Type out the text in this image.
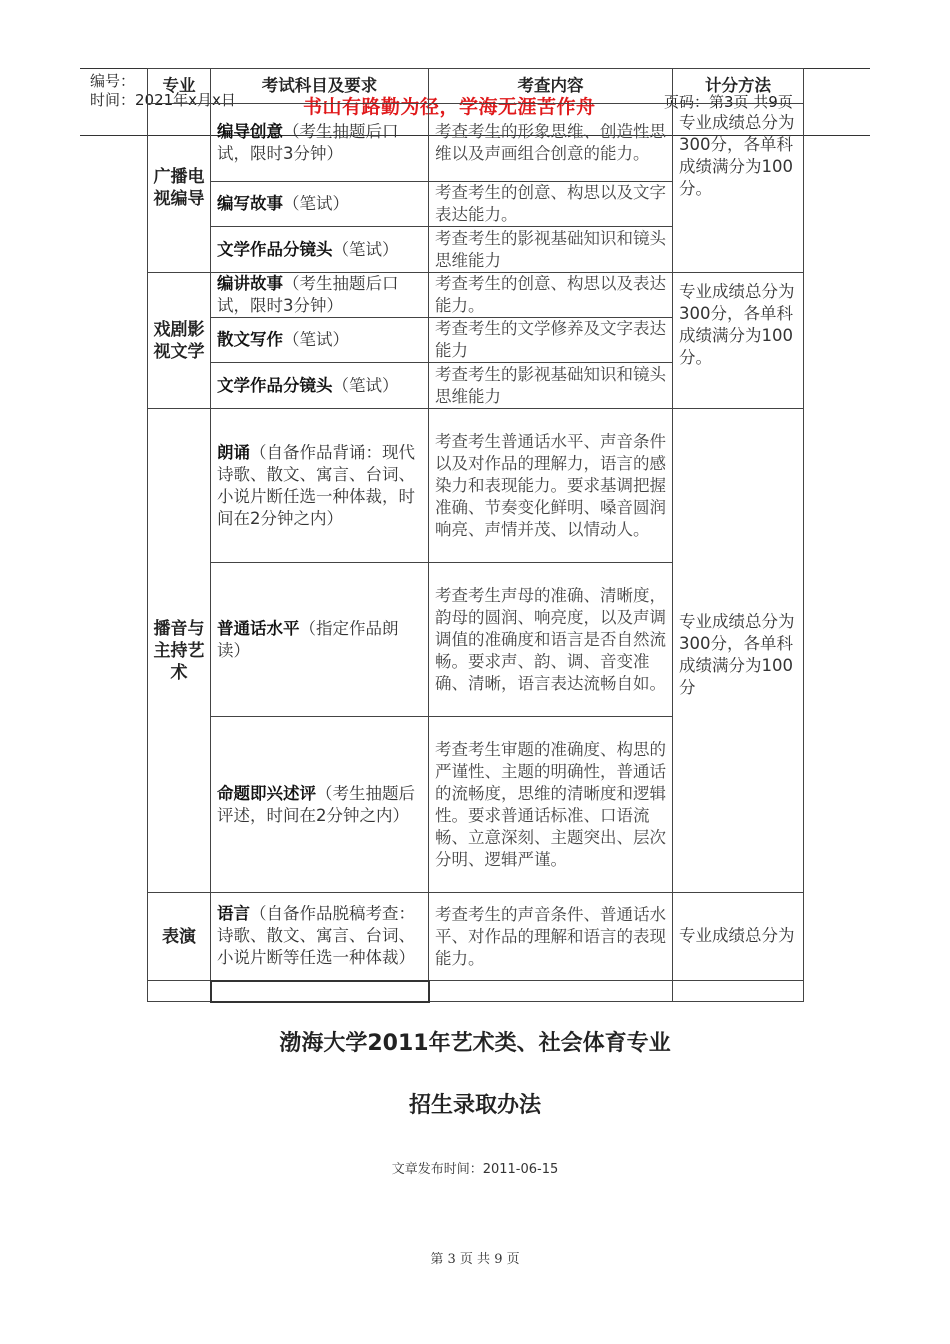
编号：
时间：2021年x月x日	书山有路勤为径，学海无涯苦作舟	页码：第3页 共9页
专业	考试科目及要求	考查内容	计分方法
广播电视编导	编导创意（考生抽题后口试，限时3分钟）	考查考生的形象思维、创造性思维以及声画组合创意的能力。	专业成绩总分为300分，各单科成绩满分为100分。
	编写故事（笔试）	考查考生的创意、构思以及文字表达能力。	
	文学作品分镜头（笔试）	考查考生的影视基础知识和镜头思维能力	
戏剧影视文学	编讲故事（考生抽题后口试，限时3分钟）	考查考生的创意、构思以及表达能力。	专业成绩总分为300分，各单科成绩满分为100分。
	散文写作（笔试）	考查考生的文学修养及文字表达能力	
	文学作品分镜头（笔试）	考查考生的影视基础知识和镜头思维能力	
播音与主持艺术	朗诵（自备作品背诵：现代诗歌、散文、寓言、台词、小说片断任选一种体裁，时间在2分钟之内）	考查考生普通话水平、声音条件以及对作品的理解力，语言的感染力和表现能力。要求基调把握准确、节奏变化鲜明、嗓音圆润响亮、声情并茂、以情动人。	专业成绩总分为300分，各单科成绩满分为100分
	普通话水平（指定作品朗读）	考查考生声母的准确、清晰度，韵母的圆润、响亮度，以及声调调值的准确度和语言是否自然流畅。要求声、韵、调、音变准确、清晰，语言表达流畅自如。	
	命题即兴述评（考生抽题后评述，时间在2分钟之内）	考查考生审题的准确度、构思的严谨性、主题的明确性，普通话的流畅度，思维的清晰度和逻辑性。要求普通话标准、口语流畅、立意深刻、主题突出、层次分明、逻辑严谨。	
表演	语言（自备作品脱稿考查：诗歌、散文、寓言、台词、小说片断等任选一种体裁）	考查考生的声音条件、普通话水平、对作品的理解和语言的表现能力。	专业成绩总分为

渤海大学2011年艺术类、社会体育专业
招生录取办法
文章发布时间：2011-06-15
第 3 页 共 9 页
